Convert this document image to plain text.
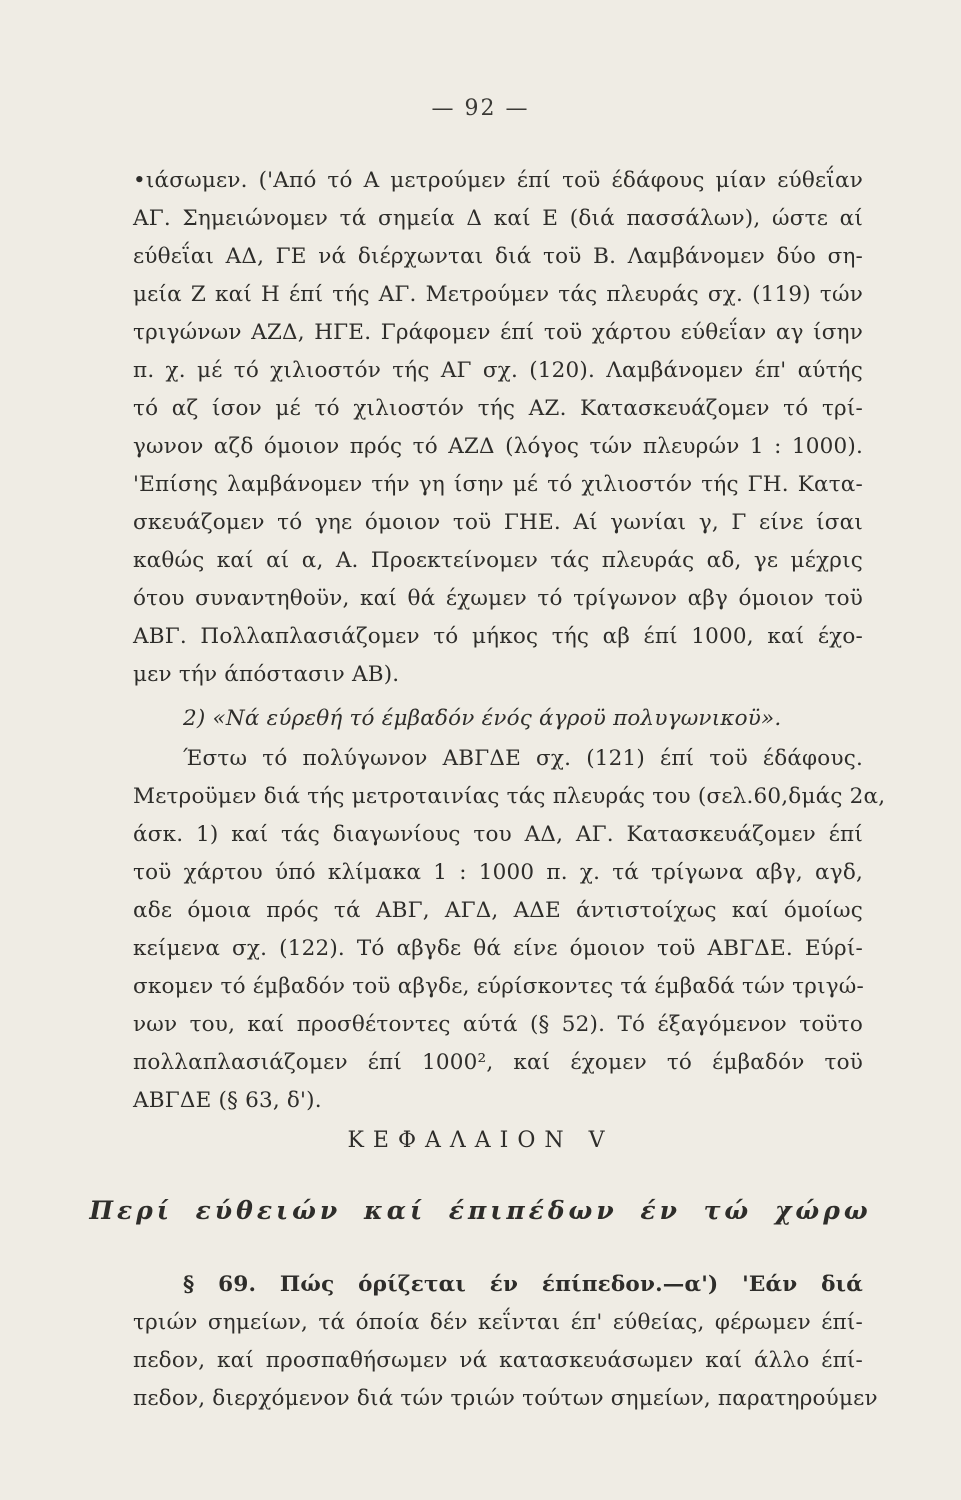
— 92 —
•ιάσωμεν. ('Από τό Α μετρούμεν έπί τοϋ έδάφους μίαν εύθεΐαν
ΑΓ. Σημειώνομεν τά σημεία Δ καί Ε (διά πασσάλων), ώστε αί
εύθεΐαι ΑΔ, ΓΕ νά διέρχωνται διά τοϋ Β. Λαμβάνομεν δύο ση-
μεία Ζ καί Η έπί τής ΑΓ. Μετρούμεν τάς πλευράς σχ. (119) τών
τριγώνων ΑΖΔ, ΗΓΕ. Γράφομεν έπί τοϋ χάρτου εύθεΐαν αγ ίσην
π. χ. μέ τό χιλιοστόν τής ΑΓ σχ. (120). Λαμβάνομεν έπ' αύτής
τό αζ ίσον μέ τό χιλιοστόν τής ΑΖ. Κατασκευάζομεν τό τρί-
γωνον αζδ όμοιον πρός τό ΑΖΔ (λόγος τών πλευρών 1 : 1000).
'Επίσης λαμβάνομεν τήν γη ίσην μέ τό χιλιοστόν τής ΓΗ. Κατα-
σκευάζομεν τό γηε όμοιον τοϋ ΓΗΕ. Αί γωνίαι γ, Γ είνε ίσαι
καθώς καί αί α, Α. Προεκτείνομεν τάς πλευράς αδ, γε μέχρις
ότου συναντηθοϋν, καί θά έχωμεν τό τρίγωνον αβγ όμοιον τοϋ
ΑΒΓ. Πολλαπλασιάζομεν τό μήκος τής αβ έπί 1000, καί έχο-
μεν τήν άπόστασιν ΑΒ).
2) «Νά εύρεθή τό έμβαδόν ένός άγροϋ πολυγωνικοϋ».
Έστω τό πολύγωνον ΑΒΓΔΕ σχ. (121) έπί τοϋ έδάφους.
Μετροϋμεν διά τής μετροταινίας τάς πλευράς του (σελ.60,δμάς 2α,
άσκ. 1) καί τάς διαγωνίους του ΑΔ, ΑΓ. Κατασκευάζομεν έπί
τοϋ χάρτου ύπό κλίμακα 1 : 1000 π. χ. τά τρίγωνα αβγ, αγδ,
αδε όμοια πρός τά ΑΒΓ, ΑΓΔ, ΑΔΕ άντιστοίχως καί όμοίως
κείμενα σχ. (122). Τό αβγδε θά είνε όμοιον τοϋ ΑΒΓΔΕ. Εύρί-
σκομεν τό έμβαδόν τοϋ αβγδε, εύρίσκοντες τά έμβαδά τών τριγώ-
νων του, καί προσθέτοντες αύτά (§ 52). Τό έξαγόμενον τοϋτο
πολλαπλασιάζομεν έπί 1000², καί έχομεν τό έμβαδόν τοϋ
ΑΒΓΔΕ (§ 63, δ').
ΚΕΦΑΛΑΙΟΝ V
Περί εύθειών καί έπιπέδων έν τώ χώρω
§ 69. Πώς όρίζεται έν έπίπεδον.—α') 'Εάν διά
τριών σημείων, τά όποία δέν κεΐνται έπ' εύθείας, φέρωμεν έπί-
πεδον, καί προσπαθήσωμεν νά κατασκευάσωμεν καί άλλο έπί-
πεδον, διερχόμενον διά τών τριών τούτων σημείων, παρατηρούμεν
